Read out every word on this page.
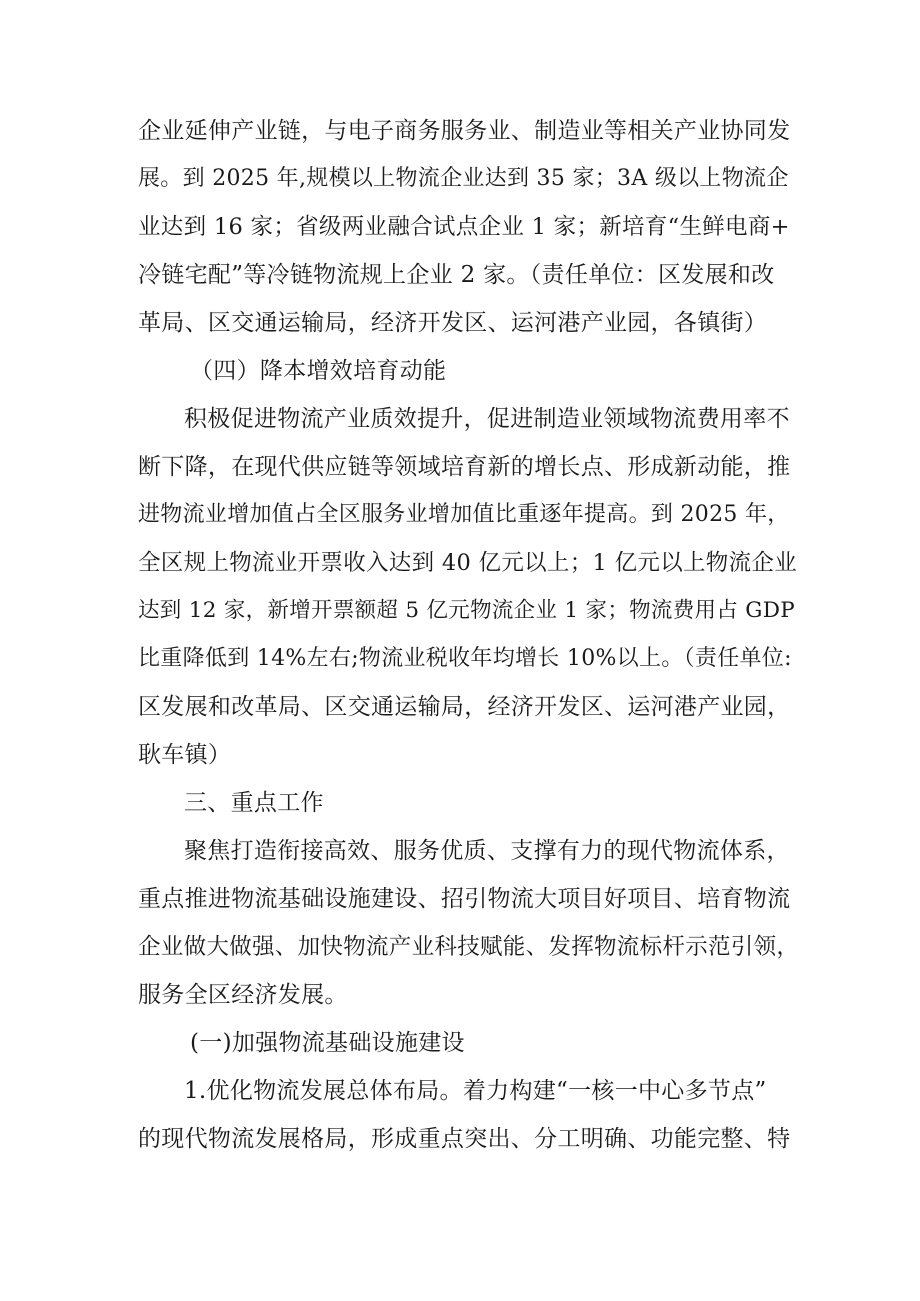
企业延伸产业链，与电子商务服务业、制造业等相关产业协同发
展。到 2025 年,规模以上物流企业达到 35 家；3A 级以上物流企
业达到 16 家；省级两业融合试点企业 1 家；新培育“生鲜电商+
冷链宅配”等冷链物流规上企业 2 家。（责任单位：区发展和改
革局、区交通运输局，经济开发区、运河港产业园，各镇街）
（四）降本增效培育动能
积极促进物流产业质效提升，促进制造业领域物流费用率不
断下降，在现代供应链等领域培育新的增长点、形成新动能，推
进物流业增加值占全区服务业增加值比重逐年提高。到 2025 年，
全区规上物流业开票收入达到 40 亿元以上；1 亿元以上物流企业
达到 12 家，新增开票额超 5 亿元物流企业 1 家；物流费用占 GDP
比重降低到 14%左右;物流业税收年均增长 10%以上。（责任单位:
区发展和改革局、区交通运输局，经济开发区、运河港产业园，
耿车镇）
三、重点工作
聚焦打造衔接高效、服务优质、支撑有力的现代物流体系，
重点推进物流基础设施建设、招引物流大项目好项目、培育物流
企业做大做强、加快物流产业科技赋能、发挥物流标杆示范引领，
服务全区经济发展。
(一)加强物流基础设施建设
1.优化物流发展总体布局。着力构建“一核一中心多节点”
的现代物流发展格局，形成重点突出、分工明确、功能完整、特
